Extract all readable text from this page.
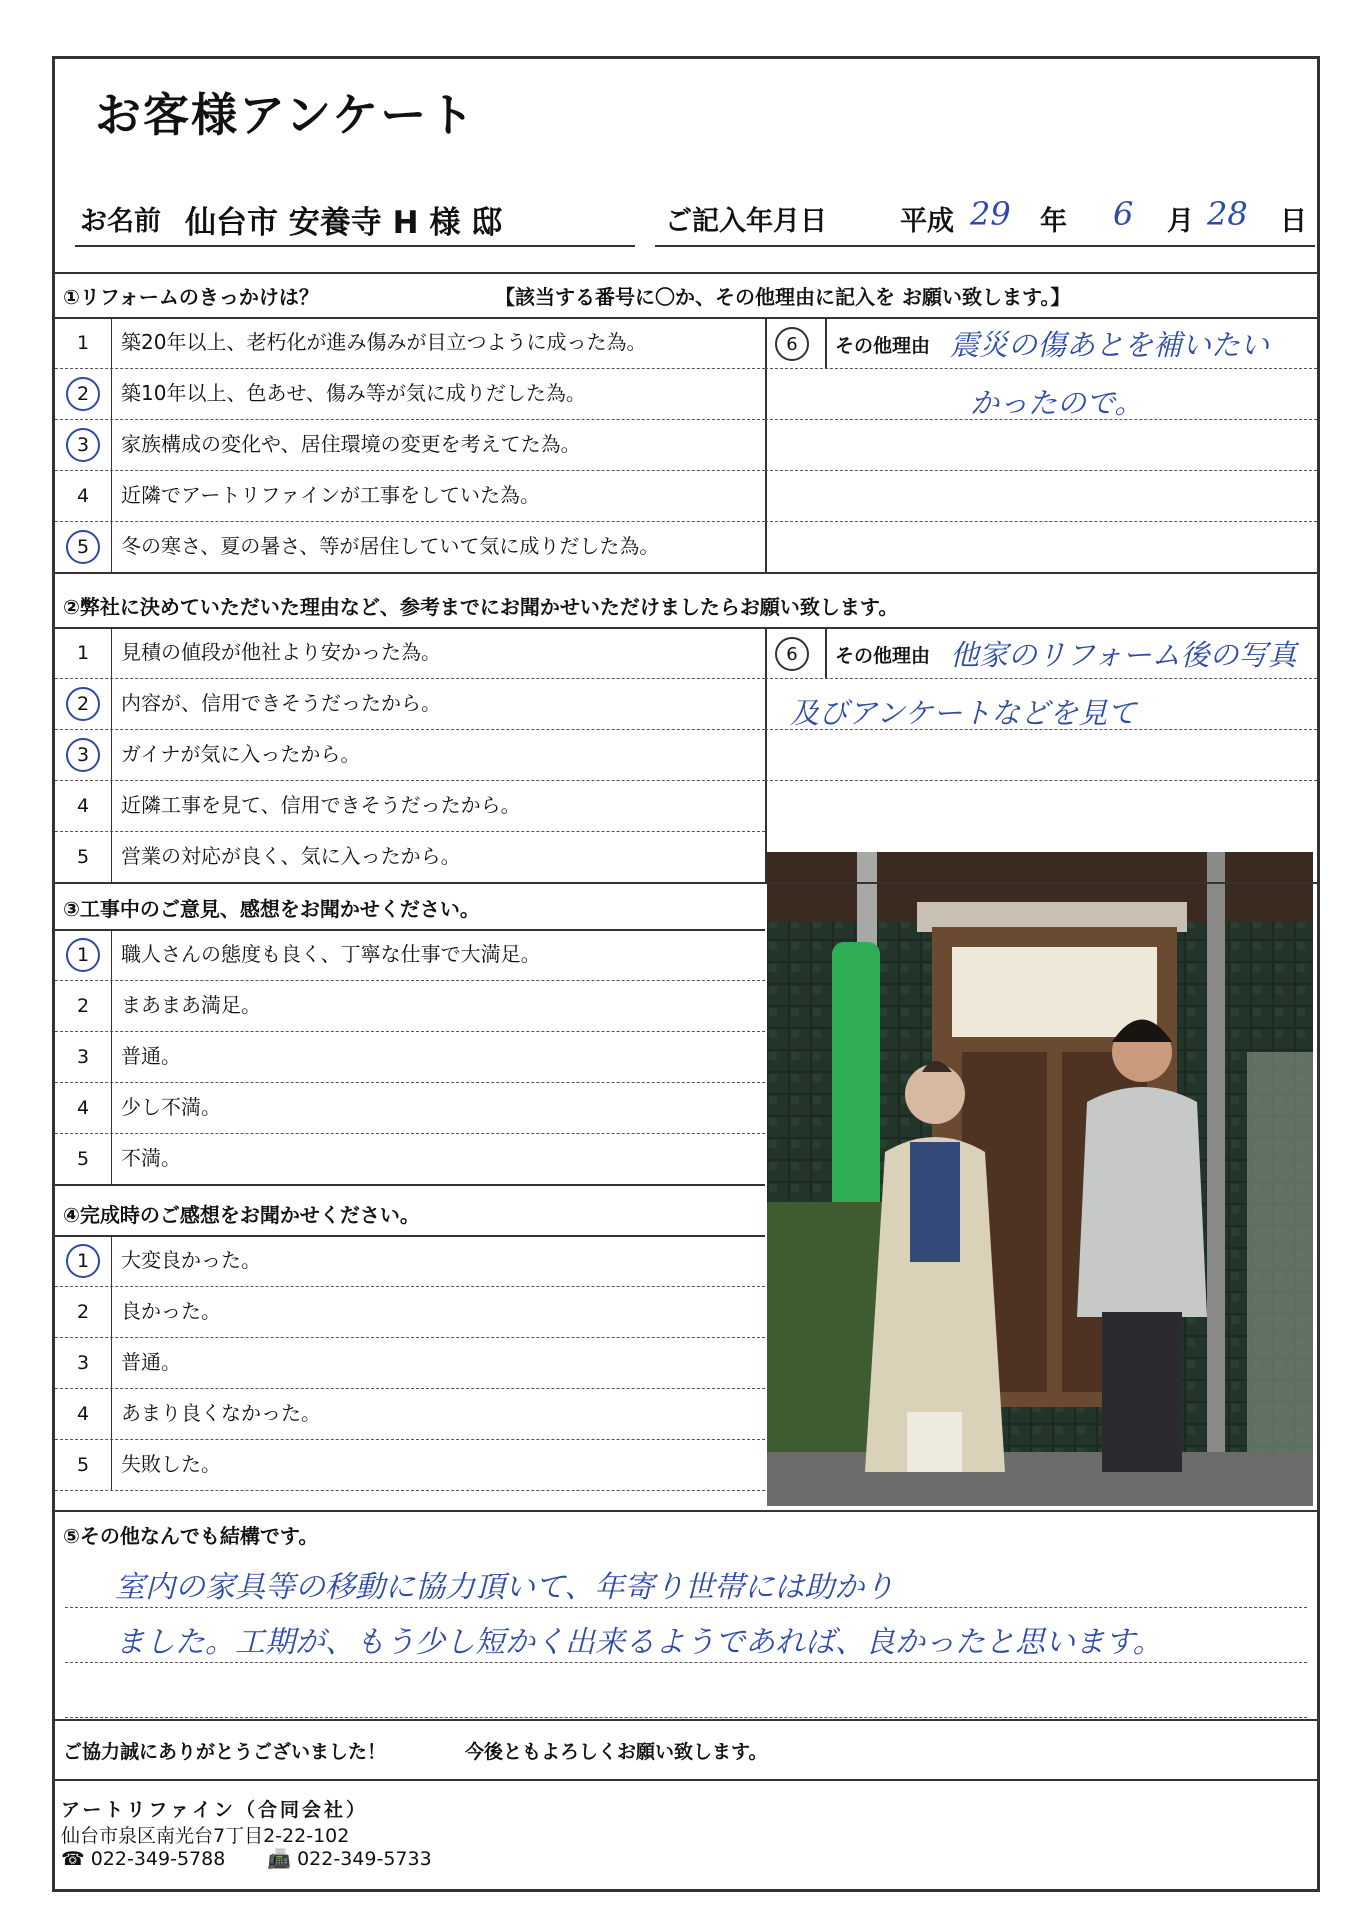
お客様アンケート
お名前 仙台市 安養寺 H 様 邸	ご記入年月日	平成 29 年 6 月 28 日
①リフォームのきっかけは？	【該当する番号に〇か、その他理由に記入を お願い致します。】
1 築20年以上、老朽化が進み傷みが目立つように成った為。
2	築10年以上、色あせ、傷み等が気に成りだした為。
3	家族構成の変化や、居住環境の変更を考えてた為。
4 近隣でアートリファインが工事をしていた為。
5	冬の寒さ、夏の暑さ、等が居住していて気に成りだした為。
6	その他理由 震災の傷あとを補いたい
かったので。
②弊社に決めていただいた理由など、参考までにお聞かせいただけましたらお願い致します。
1 見積の値段が他社より安かった為。
2	内容が、信用できそうだったから。
3	ガイナが気に入ったから。
4 近隣工事を見て、信用できそうだったから。
5 営業の対応が良く、気に入ったから。
6	その他理由 他家のリフォーム後の写真
及びアンケートなどを見て
③工事中のご意見、感想をお聞かせください。
1	職人さんの態度も良く、丁寧な仕事で大満足。
2 まあまあ満足。
3 普通。
4 少し不満。
5 不満。
④完成時のご感想をお聞かせください。
1	大変良かった。
2 良かった。
3 普通。
4 あまり良くなかった。
5 失敗した。
⑤その他なんでも結構です。
室内の家具等の移動に協力頂いて、年寄り世帯には助かり
ました。工期が、もう少し短かく出来るようであれば、良かったと思います。
ご協力誠にありがとうございました！	今後ともよろしくお願い致します。
アートリファイン（合同会社）
仙台市泉区南光台7丁目2-22-102
☎ 022-349-5788 📠 022-349-5733
